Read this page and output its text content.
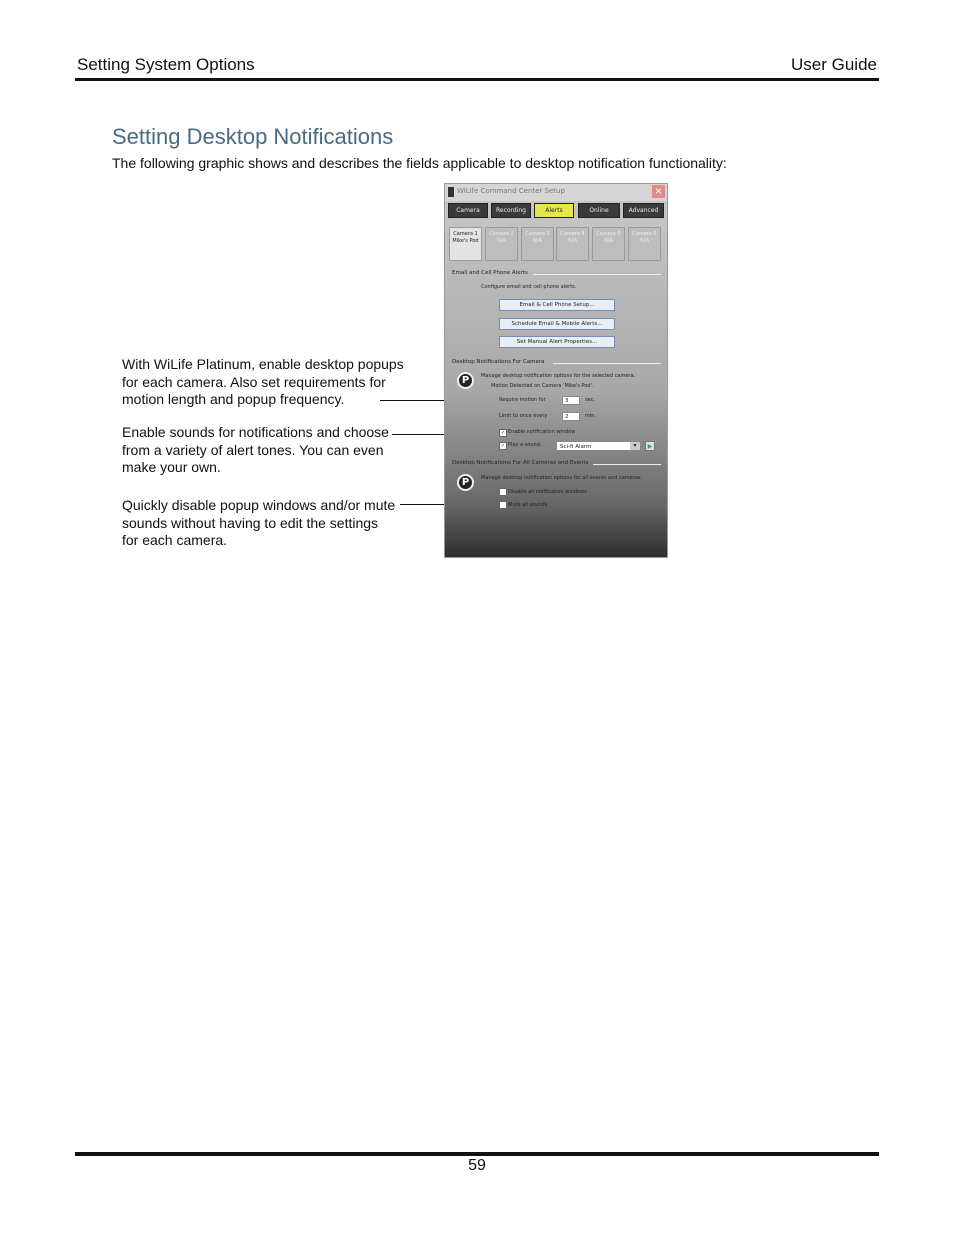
Setting System Options	User Guide
Setting Desktop Notifications
The following graphic shows and describes the fields applicable to desktop notification functionality:
With WiLife Platinum, enable desktop popups
for each camera. Also set requirements for
motion length and popup frequency.
Enable sounds for notifications and choose
from a variety of alert tones. You can even
make your own.
Quickly disable popup windows and/or mute
sounds without having to edit the settings
for each camera.
WiLife Command Center Setup	×
Camera	Recording	Alerts	Online	Advanced
Camera 1
Mike's Pod
Camera 2
N/A
Camera 3
N/A
Camera 4
N/A
Camera 5
N/A
Camera 6
N/A
Email and Cell Phone Alerts
Configure email and cell phone alerts.
Email & Cell Phone Setup...
Schedule Email & Mobile Alerts...
Set Manual Alert Properties...
Desktop Notifications For Camera
P	Manage desktop notification options for the selected camera.
Motion Detected on Camera 'Mike's Pod'.
Require motion for	3	sec.
Limit to once every	2	min.
✓ Enable notification window
✓ Play a sound:	Sci-fi Alarm	▾	▶
Desktop Notifications For All Cameras and Events
P	Manage desktop notification options for all events and cameras.
Disable all notification windows
Mute all sounds
59
